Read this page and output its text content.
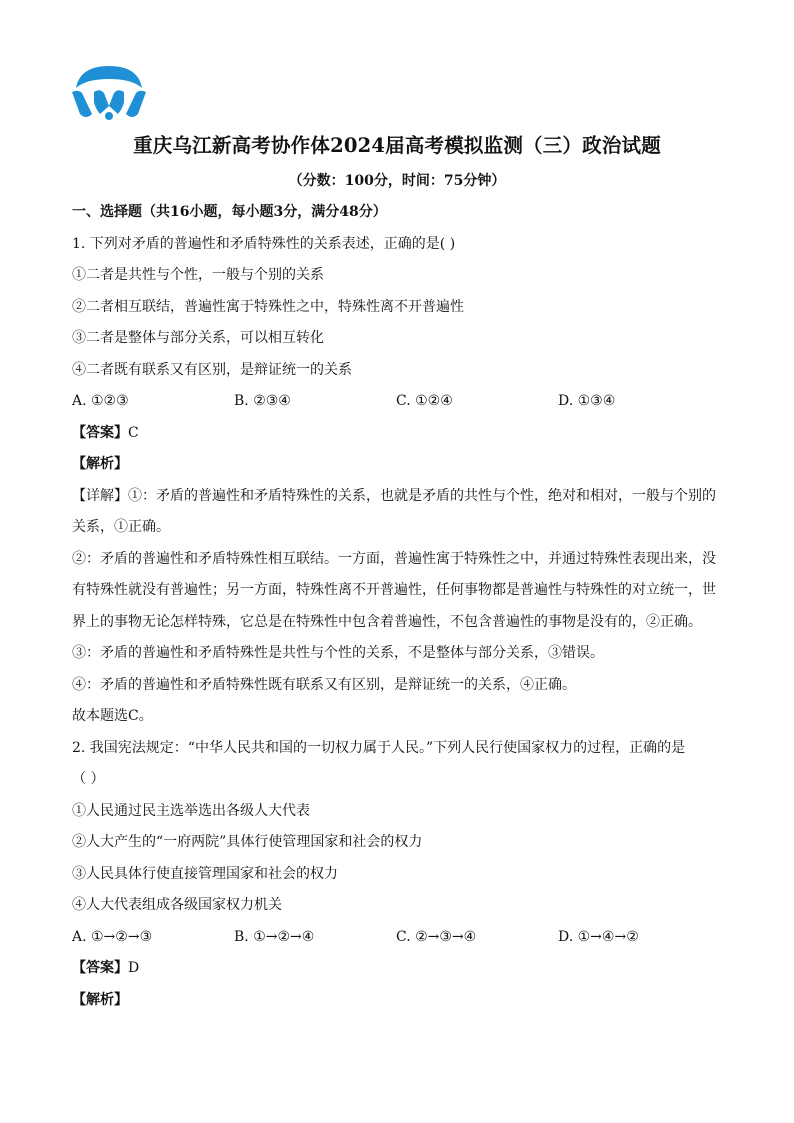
重庆乌江新高考协作体2024届高考模拟监测（三）政治试题
（分数：100分，时间：75分钟）
一、选择题（共16小题，每小题3分，满分48分）
1. 下列对矛盾的普遍性和矛盾特殊性的关系表述，正确的是( )
①二者是共性与个性，一般与个别的关系
②二者相互联结，普遍性寓于特殊性之中，特殊性离不开普遍性
③二者是整体与部分关系，可以相互转化
④二者既有联系又有区别，是辩证统一的关系
A. ①②③	B. ②③④	C. ①②④	D. ①③④
【答案】C
【解析】
【详解】①：矛盾的普遍性和矛盾特殊性的关系，也就是矛盾的共性与个性，绝对和相对，一般与个别的
关系，①正确。
②：矛盾的普遍性和矛盾特殊性相互联结。一方面，普遍性寓于特殊性之中，并通过特殊性表现出来，没
有特殊性就没有普遍性；另一方面，特殊性离不开普遍性，任何事物都是普遍性与特殊性的对立统一，世
界上的事物无论怎样特殊，它总是在特殊性中包含着普遍性，不包含普遍性的事物是没有的，②正确。
③：矛盾的普遍性和矛盾特殊性是共性与个性的关系，不是整体与部分关系，③错误。
④：矛盾的普遍性和矛盾特殊性既有联系又有区别，是辩证统一的关系，④正确。
故本题选C。
2. 我国宪法规定：“中华人民共和国的一切权力属于人民。”下列人民行使国家权力的过程，正确的是
（ ）
①人民通过民主选举选出各级人大代表
②人大产生的“一府两院”具体行使管理国家和社会的权力
③人民具体行使直接管理国家和社会的权力
④人大代表组成各级国家权力机关
A. ①→②→③	B. ①→②→④	C. ②→③→④	D. ①→④→②
【答案】D
【解析】
